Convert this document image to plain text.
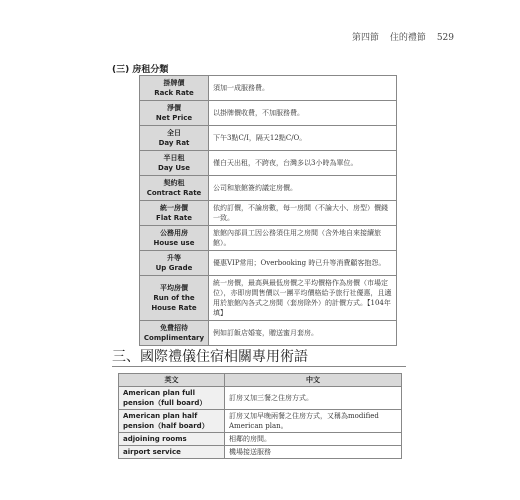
第四節 住的禮節 529
(三) 房租分類
掛牌價
Rack Rate	須加一成服務費。

淨價
Net Price	以掛牌價收費，不加服務費。

全日
Day Rat	下午3點C/I，隔天12點C/O。

半日租
Day Use	僅白天出租，不跨夜，台灣多以3小時為單位。

契約租
Contract Rate	公司和旅館簽約議定房價。

統一房價
Flat Rate	依約訂價，不論房數，每一房間（不論大小、房型）價錢一致。

公務用房
House use	旅館內部員工因公務須住用之房間（含外地自來接續旅館）。

升等
Up Grade	優惠VIP常用；Overbooking 時已升等消費顧客抱怨。

平均房價
Run of the House Rate	統一房價，最高與最低房價之平均價格作為房價（市場定位），亦即房間售價以一團平均價格給予旅行社優惠，且適用於旅館內各式之房間（套房除外）的計價方式。【104年填】

免費招待
Complimentary	例如訂飯店婚宴，贈送蜜月套房。
三、國際禮儀住宿相關專用術語
英文	中文
American plan full pension（full board）	訂房又加三餐之住房方式。
American plan half pension（half board）	訂房又加早晚兩餐之住房方式，又稱為modified American plan。
adjoining rooms	相鄰的房間。
airport service	機場接送服務
